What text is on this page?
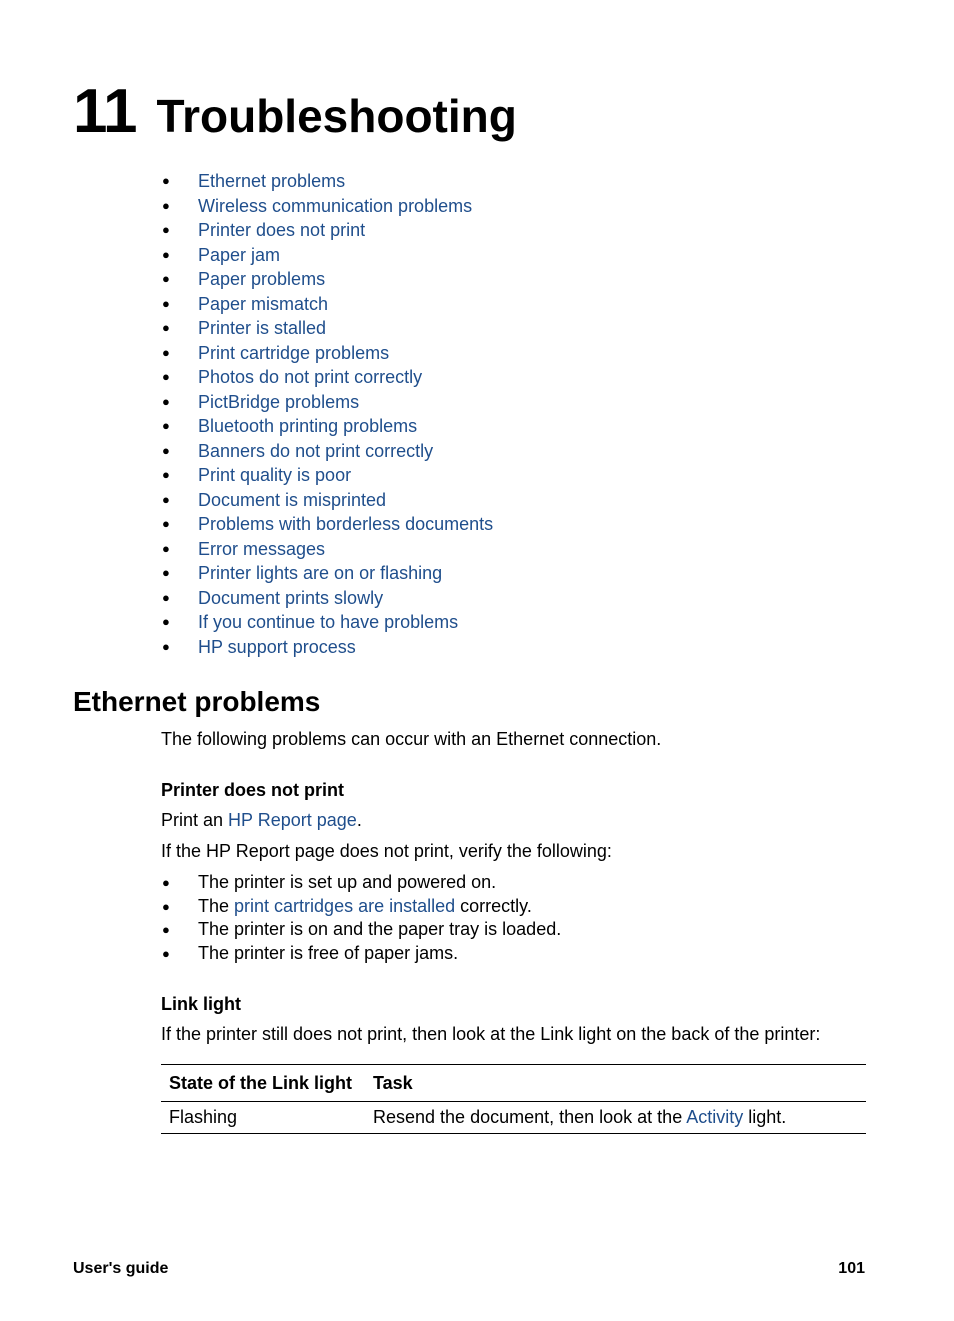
11 Troubleshooting
● Ethernet problems
● Wireless communication problems
● Printer does not print
● Paper jam
● Paper problems
● Paper mismatch
● Printer is stalled
● Print cartridge problems
● Photos do not print correctly
● PictBridge problems
● Bluetooth printing problems
● Banners do not print correctly
● Print quality is poor
● Document is misprinted
● Problems with borderless documents
● Error messages
● Printer lights are on or flashing
● Document prints slowly
● If you continue to have problems
● HP support process
Ethernet problems

The following problems can occur with an Ethernet connection.

Printer does not print

Print an HP Report page.

If the HP Report page does not print, verify the following:

● The printer is set up and powered on.
● The print cartridges are installed correctly.
● The printer is on and the paper tray is loaded.
● The printer is free of paper jams.
Link light

If the printer still does not print, then look at the Link light on the back of the printer:

State of the Link light	Task
Flashing	Resend the document, then look at the Activity light.
User's guide	101
